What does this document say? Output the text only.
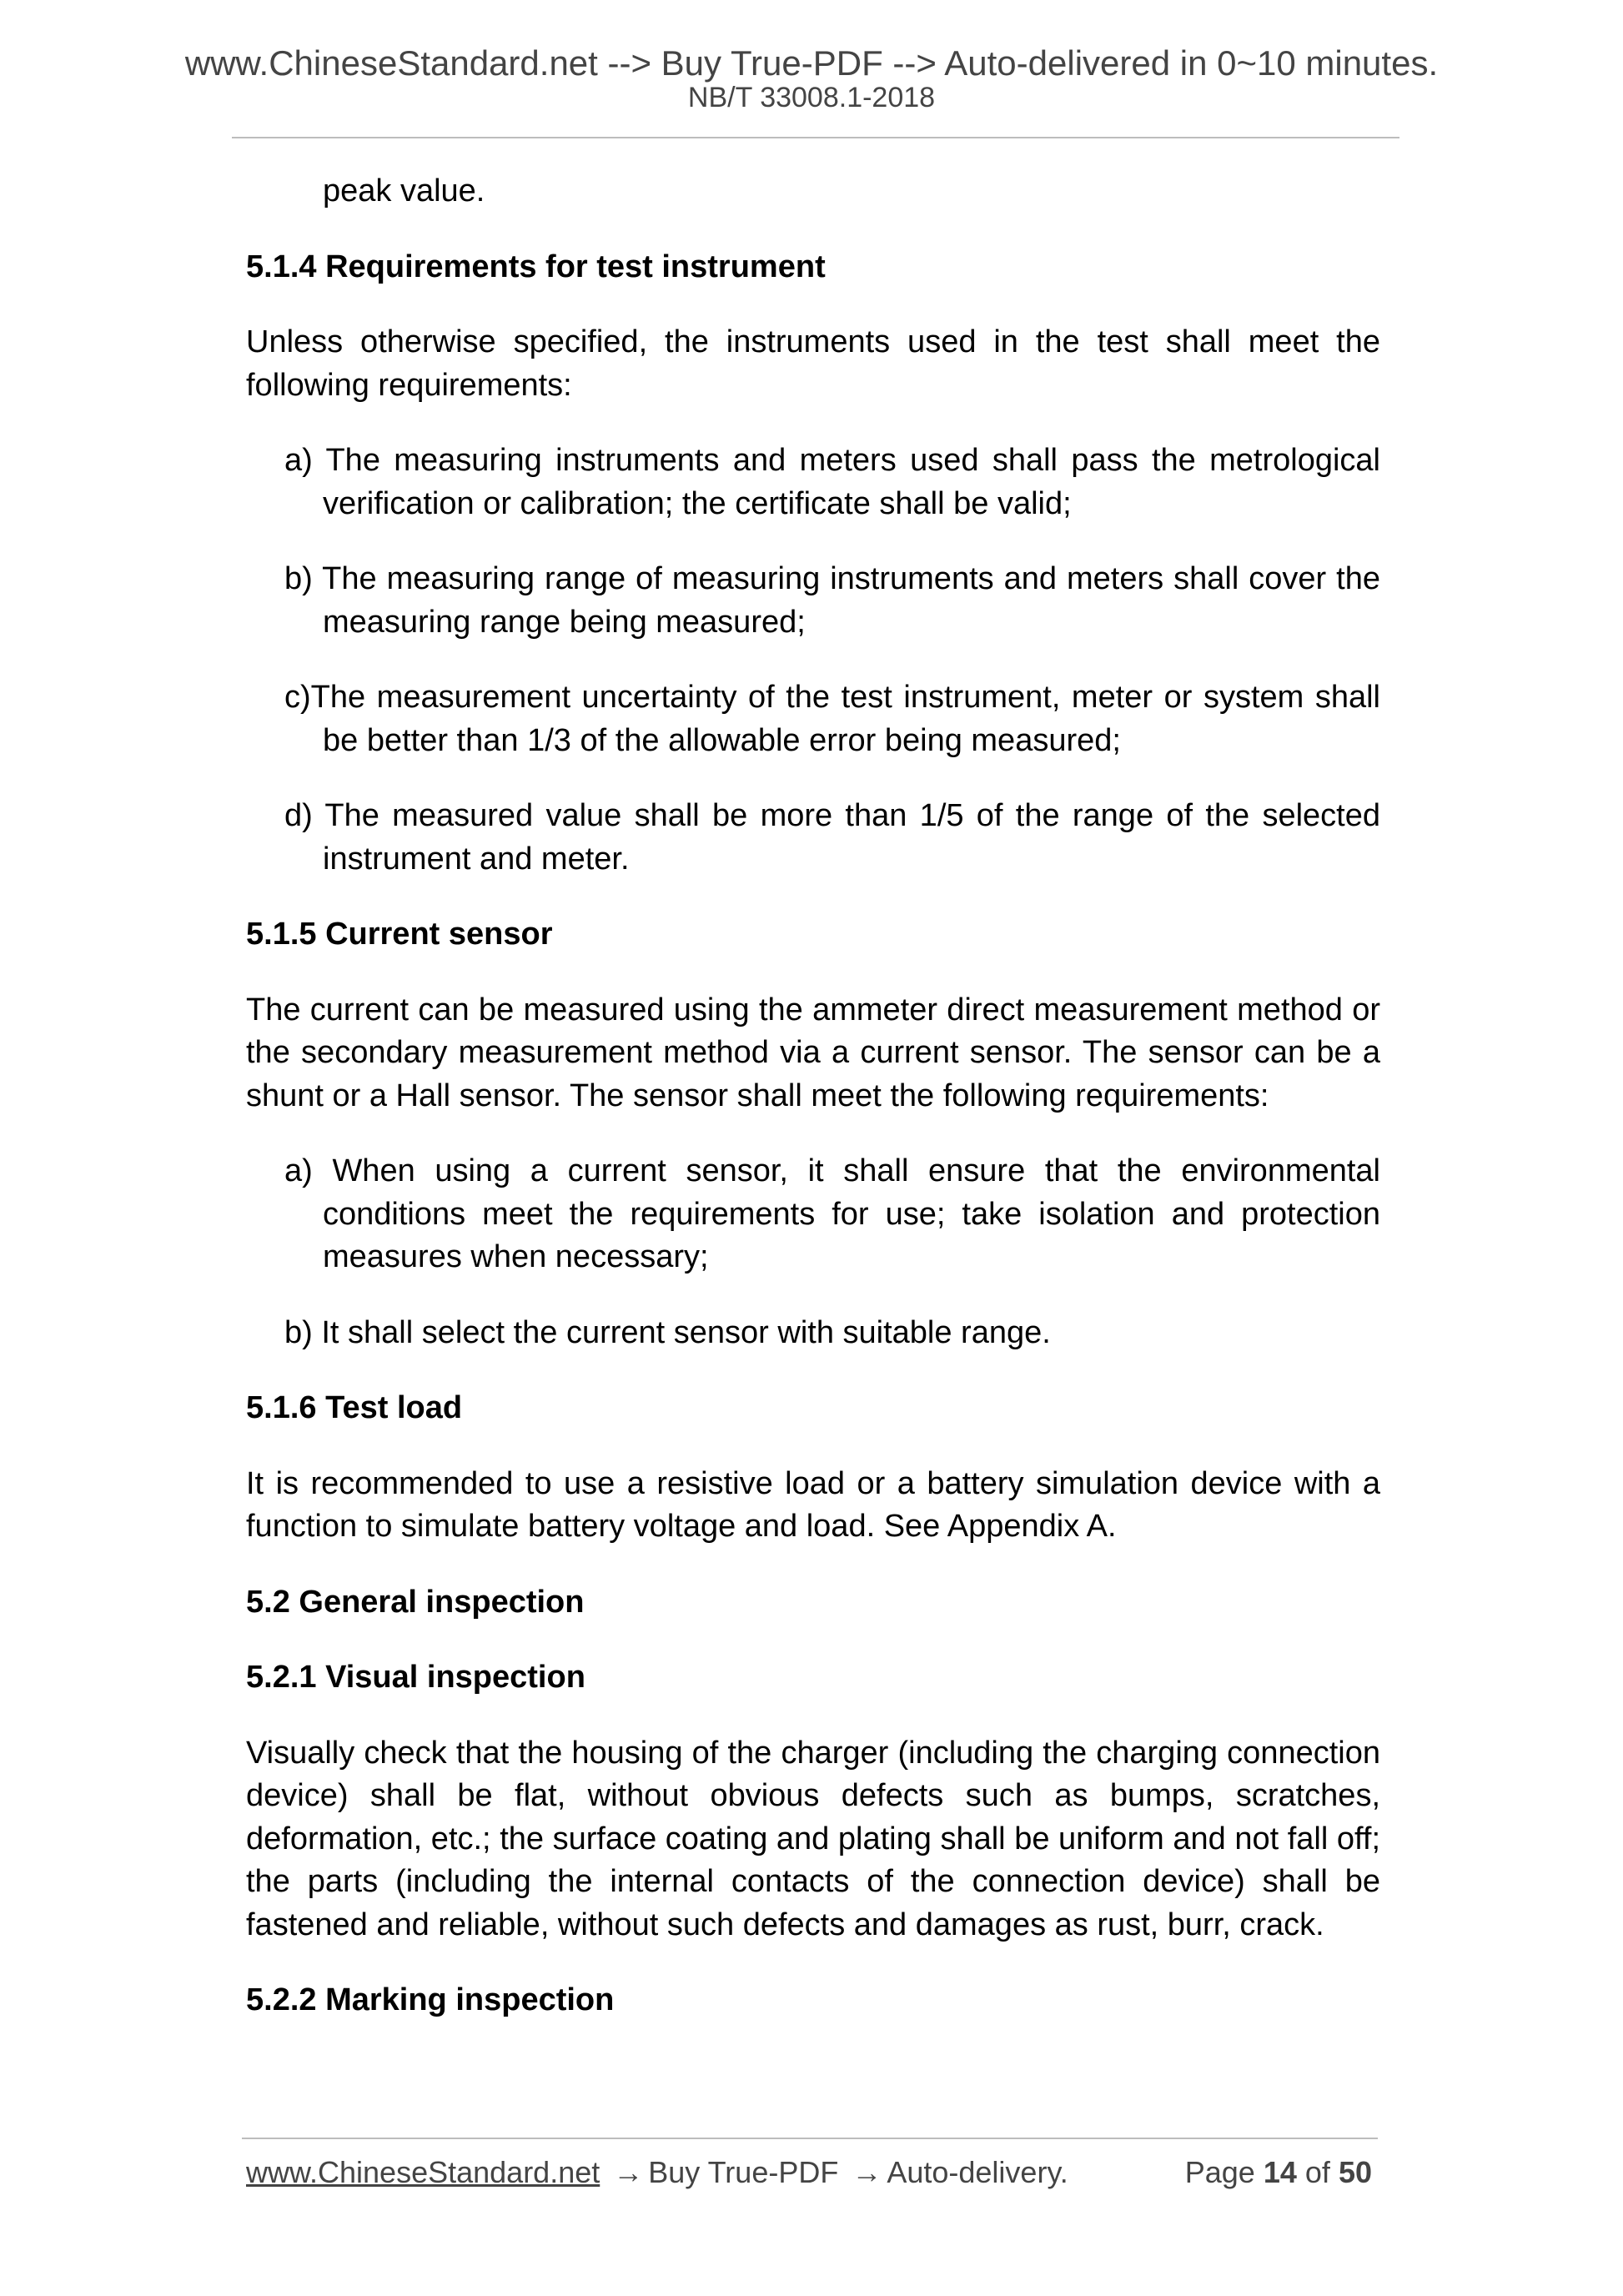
www.ChineseStandard.net --> Buy True-PDF --> Auto-delivered in 0~10 minutes.
NB/T 33008.1-2018

peak value.

5.1.4 Requirements for test instrument

Unless otherwise specified, the instruments used in the test shall meet the following requirements:

a) The measuring instruments and meters used shall pass the metrological verification or calibration; the certificate shall be valid;

b) The measuring range of measuring instruments and meters shall cover the measuring range being measured;

c)The measurement uncertainty of the test instrument, meter or system shall be better than 1/3 of the allowable error being measured;

d) The measured value shall be more than 1/5 of the range of the selected instrument and meter.

5.1.5 Current sensor

The current can be measured using the ammeter direct measurement method or the secondary measurement method via a current sensor. The sensor can be a shunt or a Hall sensor. The sensor shall meet the following requirements:

a) When using a current sensor, it shall ensure that the environmental conditions meet the requirements for use; take isolation and protection measures when necessary;

b) It shall select the current sensor with suitable range.

5.1.6 Test load

It is recommended to use a resistive load or a battery simulation device with a function to simulate battery voltage and load. See Appendix A.

5.2 General inspection

5.2.1 Visual inspection

Visually check that the housing of the charger (including the charging connection device) shall be flat, without obvious defects such as bumps, scratches, deformation, etc.; the surface coating and plating shall be uniform and not fall off; the parts (including the internal contacts of the connection device) shall be fastened and reliable, without such defects and damages as rust, burr, crack.

5.2.2 Marking inspection

www.ChineseStandard.net → Buy True-PDF → Auto-delivery.	Page 14 of 50
